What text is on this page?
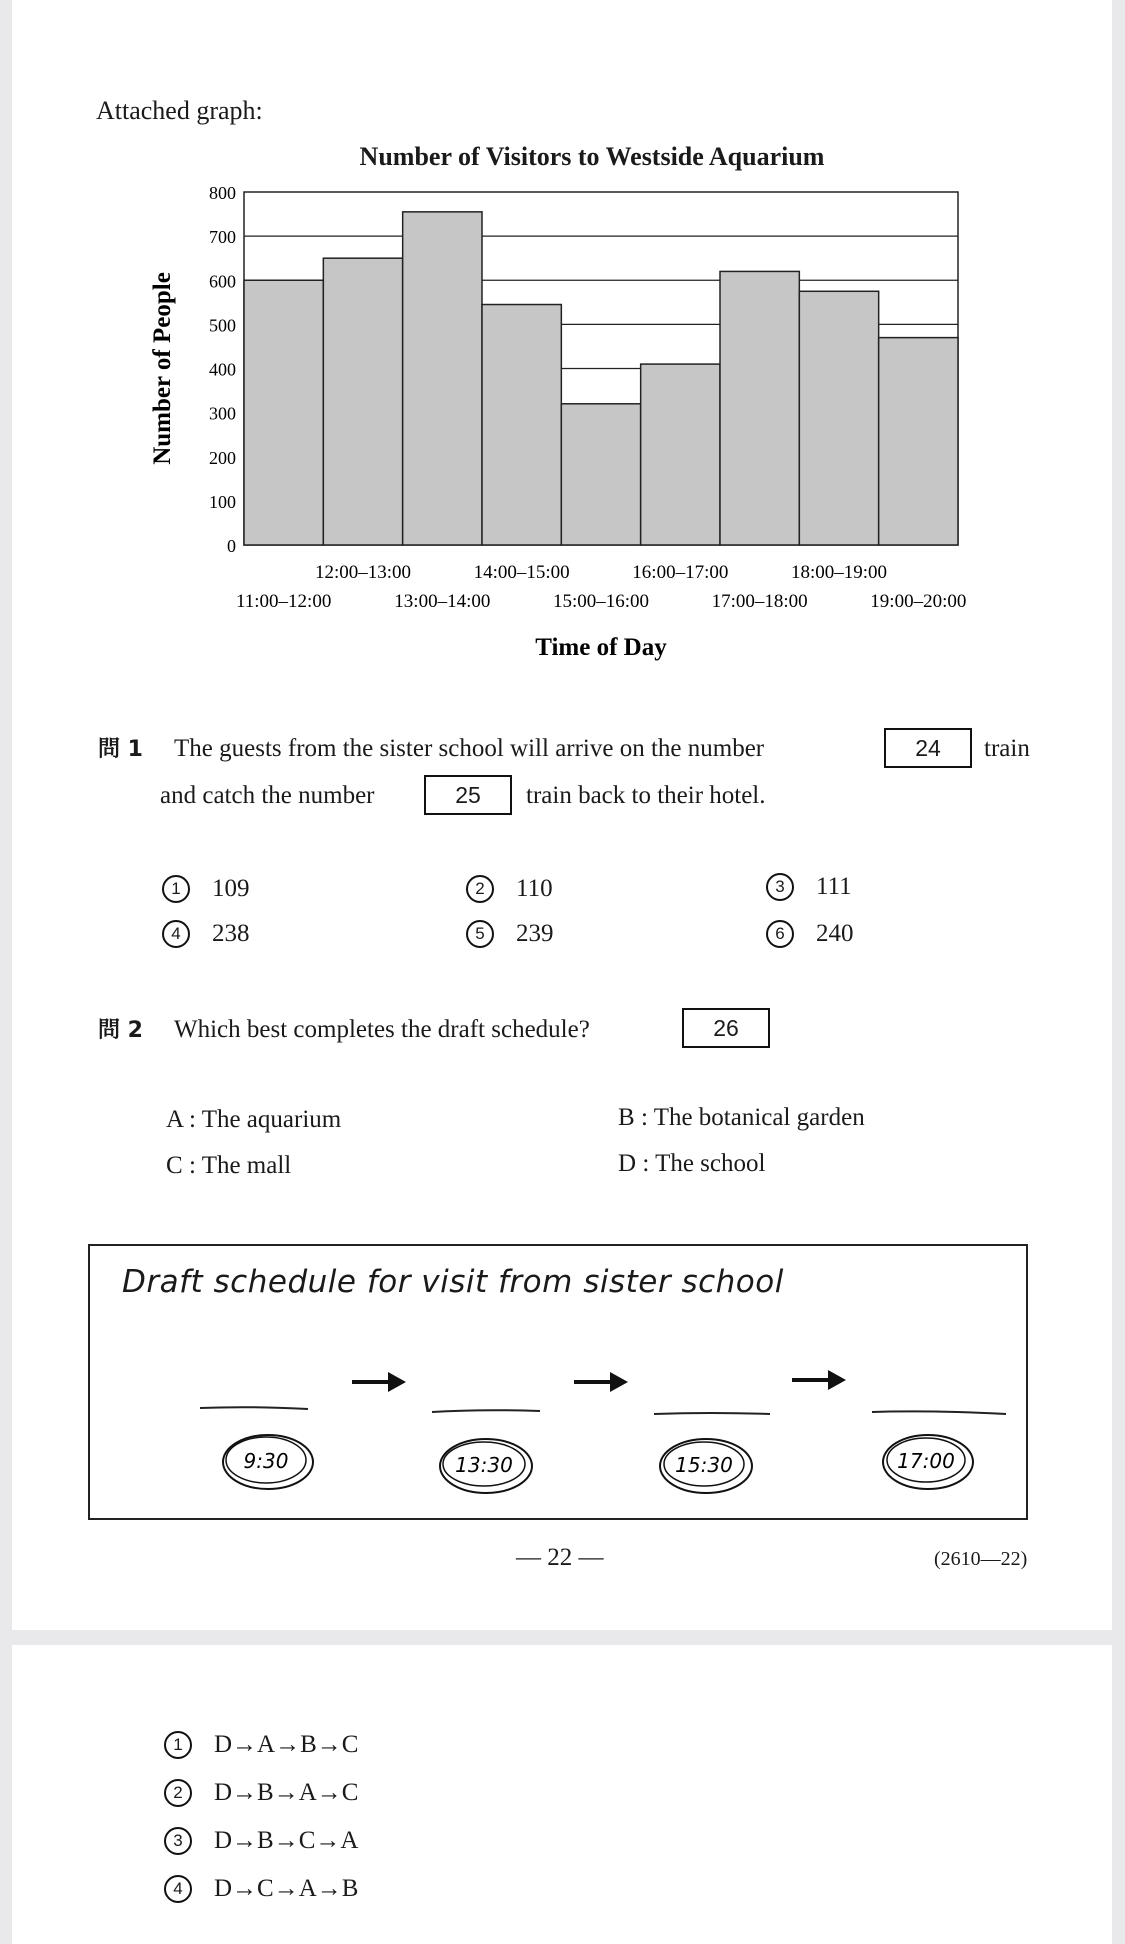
Attached graph:
Number of Visitors to Westside Aquarium
0
100
200
300
400
500
600
700
800
11:00–12:00
12:00–13:00
13:00–14:00
14:00–15:00
15:00–16:00
16:00–17:00
17:00–18:00
18:00–19:00
19:00–20:00
Time of Day
Number of People
問 1 The guests from the sister school will arrive on the number	24	train
and catch the number	25	train back to their hotel.
1 109	2 110	3 111
4 238	5 239	6 240
問 2 Which best completes the draft schedule?	26
A : The aquarium	B : The botanical garden
C : The mall	D : The school
Draft schedule for visit from sister school
9:30	13:30	15:30	17:00
— 22 —	(2610—22)
1 D→A→B→C
2 D→B→A→C
3 D→B→C→A
4 D→C→A→B
